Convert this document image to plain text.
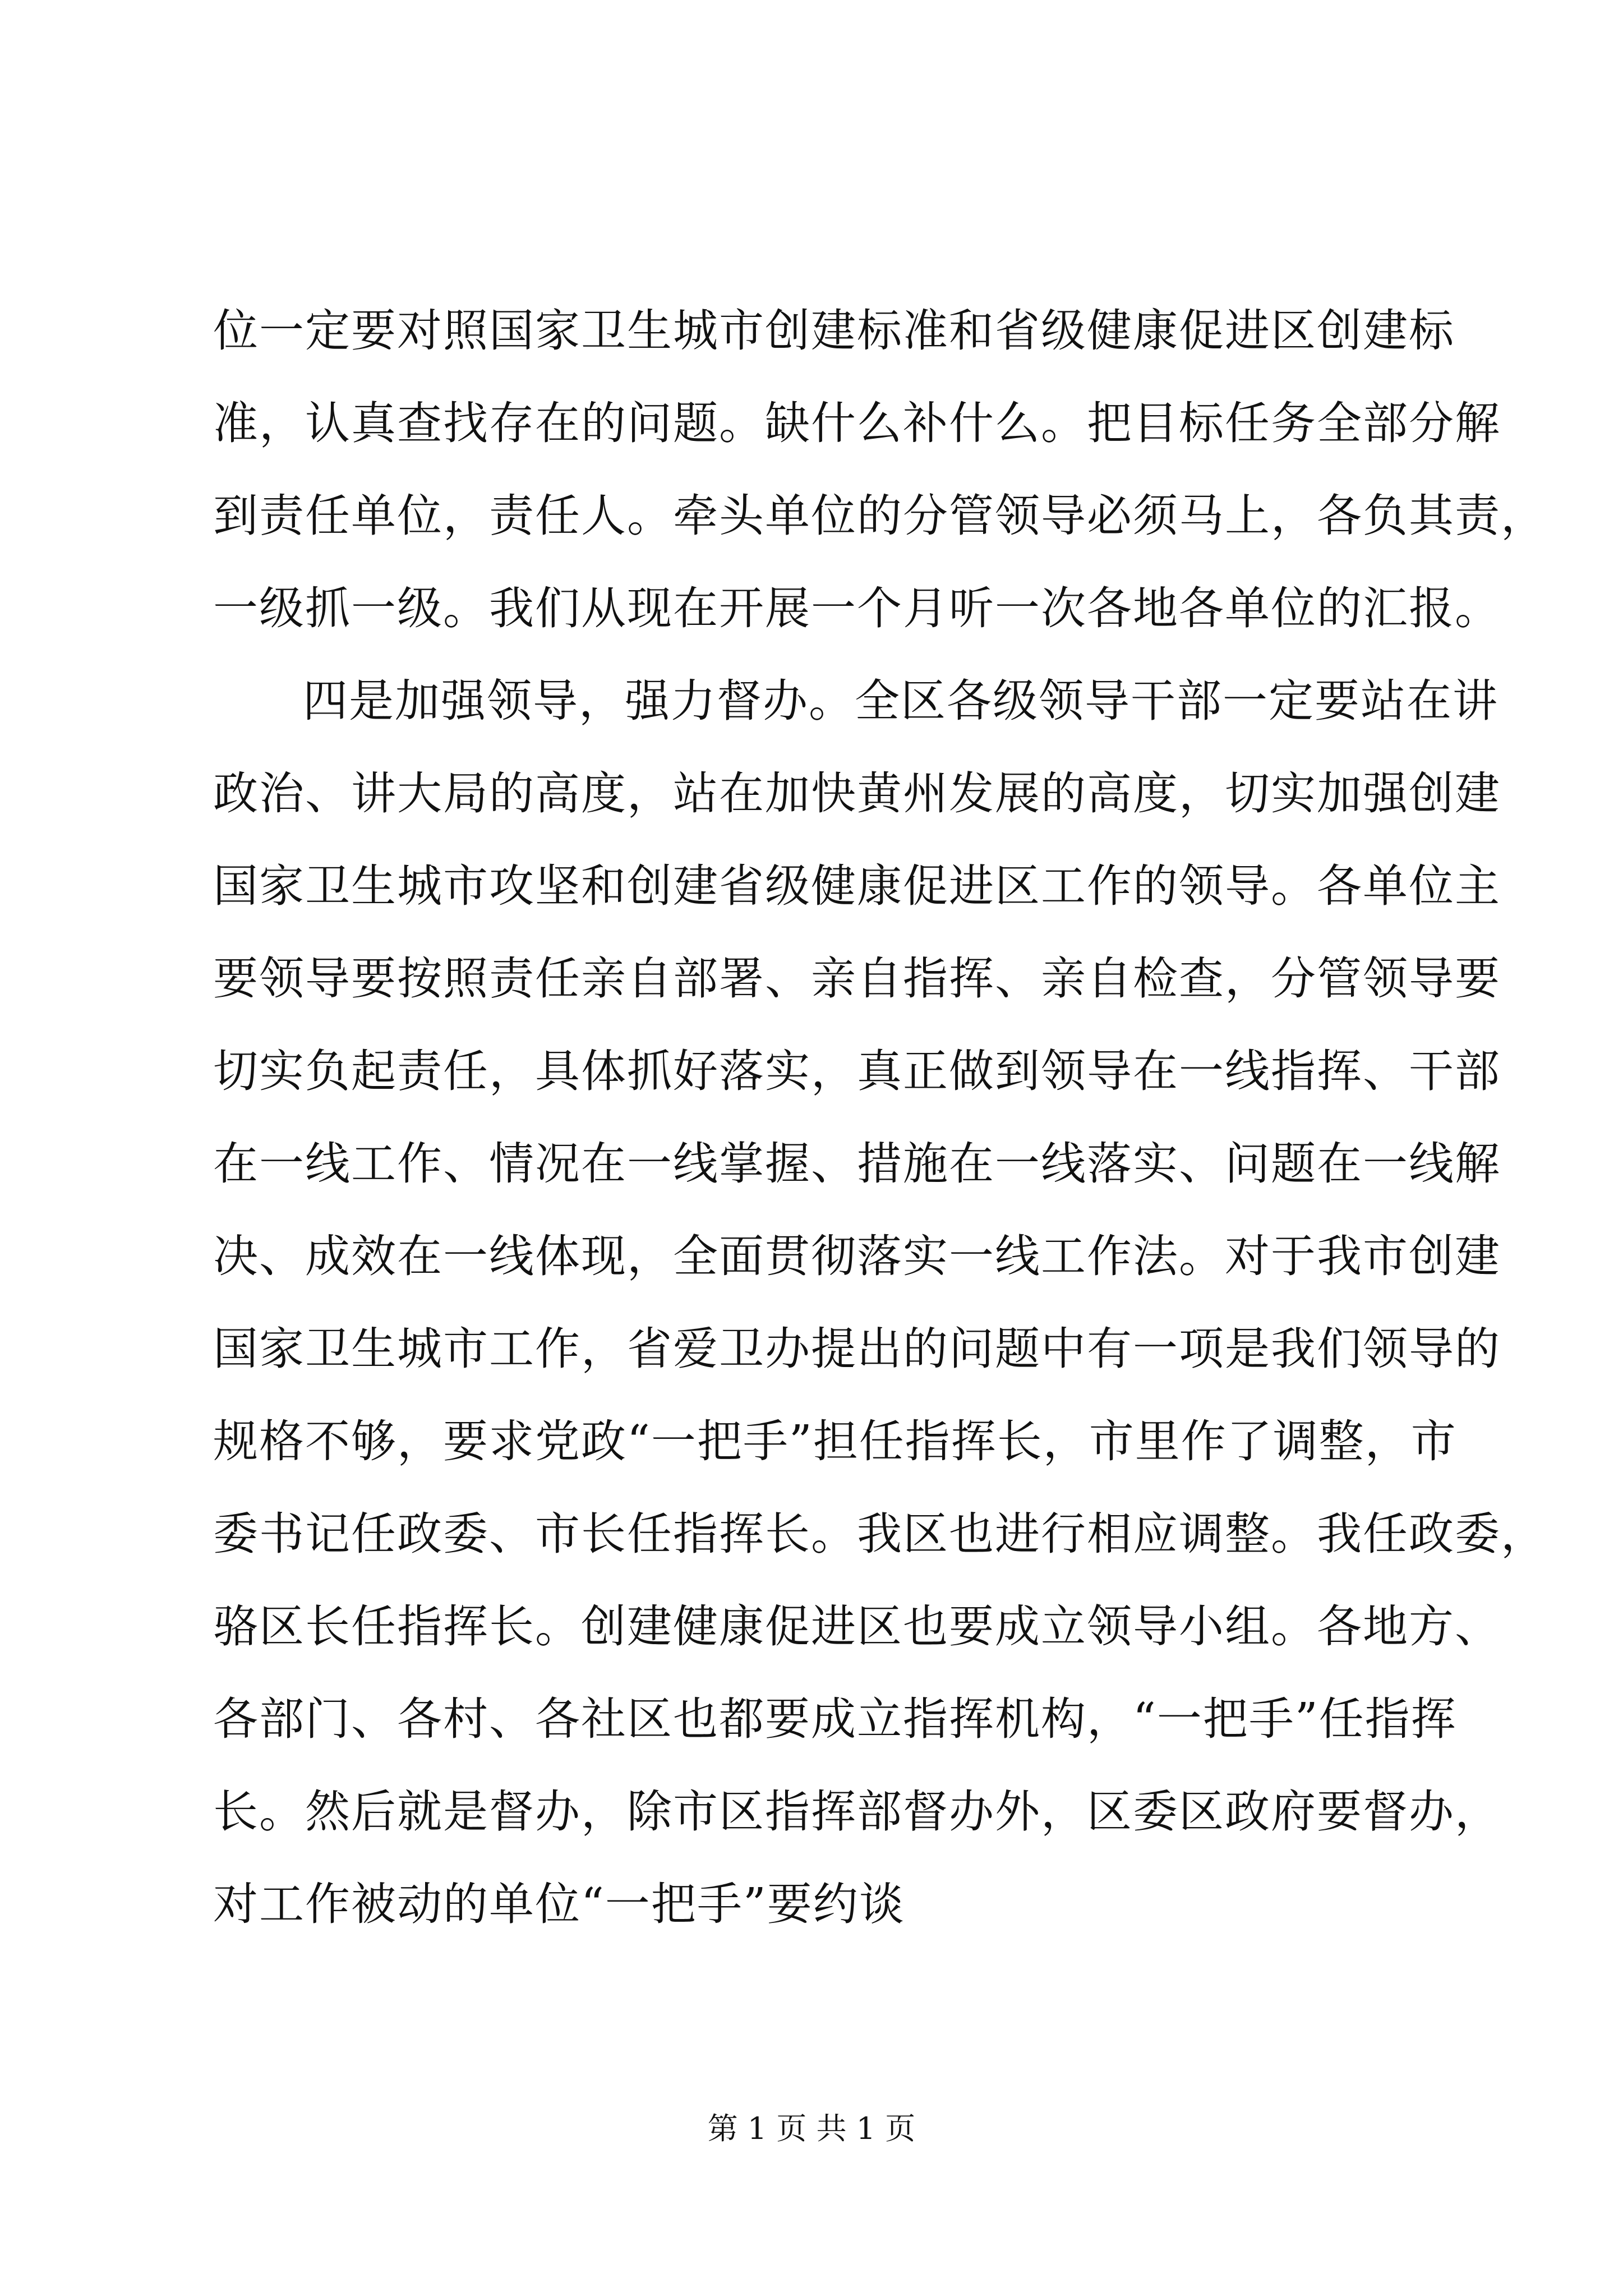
位一定要对照国家卫生城市创建标准和省级健康促进区创建标
准，认真查找存在的问题。缺什么补什么。把目标任务全部分解
到责任单位，责任人。牵头单位的分管领导必须马上，各负其责，
一级抓一级。我们从现在开展一个月听一次各地各单位的汇报。
四是加强领导，强力督办。全区各级领导干部一定要站在讲
政治、讲大局的高度，站在加快黄州发展的高度，切实加强创建
国家卫生城市攻坚和创建省级健康促进区工作的领导。各单位主
要领导要按照责任亲自部署、亲自指挥、亲自检查，分管领导要
切实负起责任，具体抓好落实，真正做到领导在一线指挥、干部
在一线工作、情况在一线掌握、措施在一线落实、问题在一线解
决、成效在一线体现，全面贯彻落实一线工作法。对于我市创建
国家卫生城市工作，省爱卫办提出的问题中有一项是我们领导的
规格不够，要求党政“一把手”担任指挥长，市里作了调整，市
委书记任政委、市长任指挥长。我区也进行相应调整。我任政委，
骆区长任指挥长。创建健康促进区也要成立领导小组。各地方、
各部门、各村、各社区也都要成立指挥机构，“一把手”任指挥
长。然后就是督办，除市区指挥部督办外，区委区政府要督办，
对工作被动的单位“一把手”要约谈
第 1 页 共 1 页
